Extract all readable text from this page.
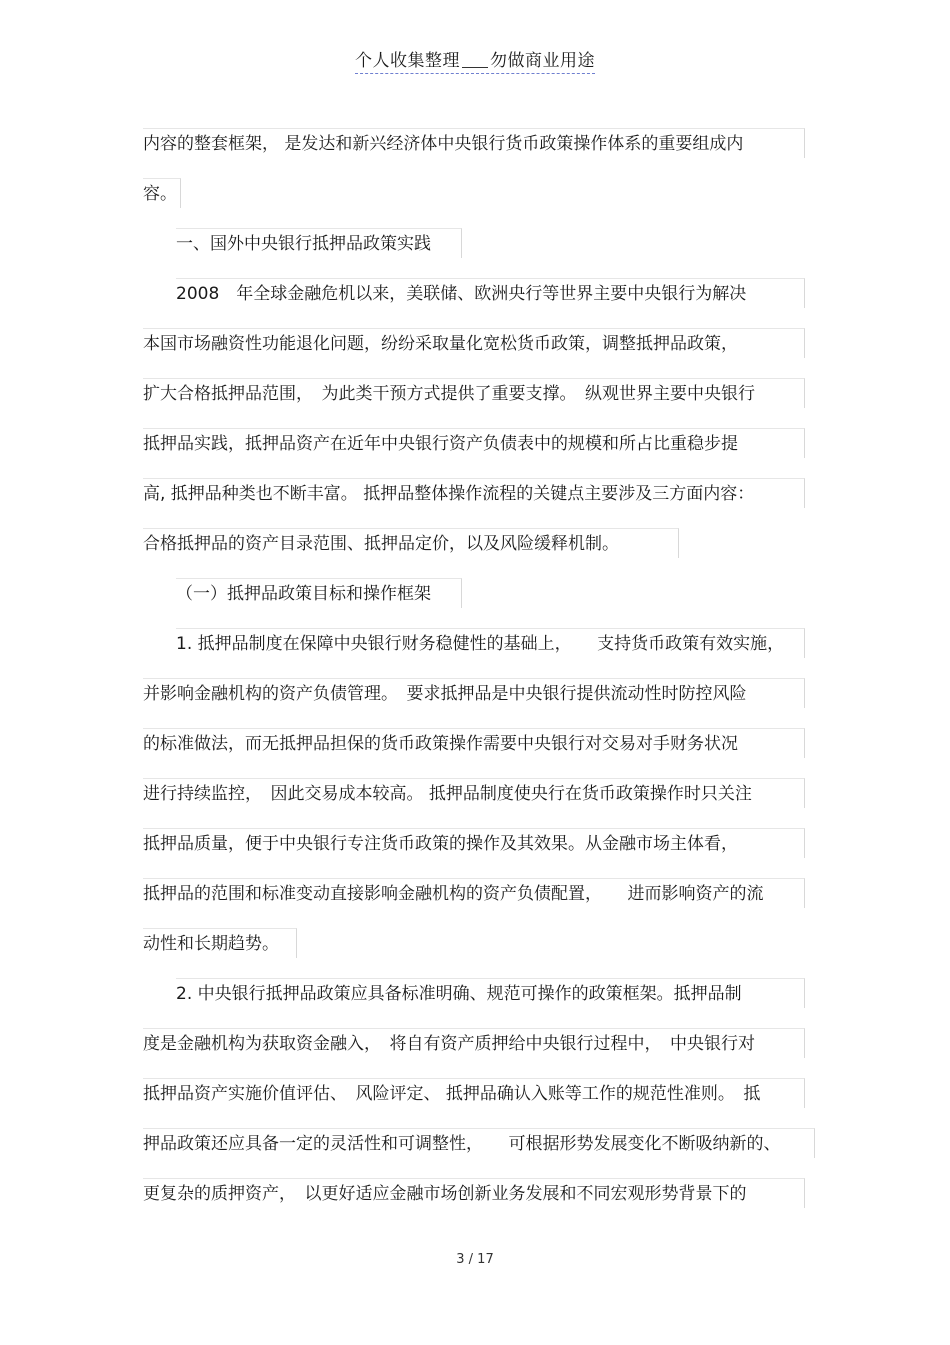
个人收集整理 勿做商业用途
内容的整套框架， 是发达和新兴经济体中央银行货币政策操作体系的重要组成内
容。
一、国外中央银行抵押品政策实践
2008　年全球金融危机以来，美联储、欧洲央行等世界主要中央银行为解决
本国市场融资性功能退化问题，纷纷采取量化宽松货币政策，调整抵押品政策，
扩大合格抵押品范围，　为此类干预方式提供了重要支撑。　纵观世界主要中央银行
抵押品实践，抵押品资产在近年中央银行资产负债表中的规模和所占比重稳步提
高, 抵押品种类也不断丰富。 抵押品整体操作流程的关键点主要涉及三方面内容：
合格抵押品的资产目录范围、抵押品定价，以及风险缓释机制。
（一）抵押品政策目标和操作框架
1. 抵押品制度在保障中央银行财务稳健性的基础上，　　支持货币政策有效实施，
并影响金融机构的资产负债管理。　要求抵押品是中央银行提供流动性时防控风险
的标准做法，而无抵押品担保的货币政策操作需要中央银行对交易对手财务状况
进行持续监控，　因此交易成本较高。 抵押品制度使央行在货币政策操作时只关注
抵押品质量，便于中央银行专注货币政策的操作及其效果。从金融市场主体看，
抵押品的范围和标准变动直接影响金融机构的资产负债配置，　　进而影响资产的流
动性和长期趋势。
2. 中央银行抵押品政策应具备标准明确、规范可操作的政策框架。抵押品制
度是金融机构为获取资金融入，　将自有资产质押给中央银行过程中，　中央银行对
抵押品资产实施价值评估、　风险评定、 抵押品确认入账等工作的规范性准则。　抵
押品政策还应具备一定的灵活性和可调整性，　　可根据形势发展变化不断吸纳新的、
更复杂的质押资产，　以更好适应金融市场创新业务发展和不同宏观形势背景下的
3 / 17
